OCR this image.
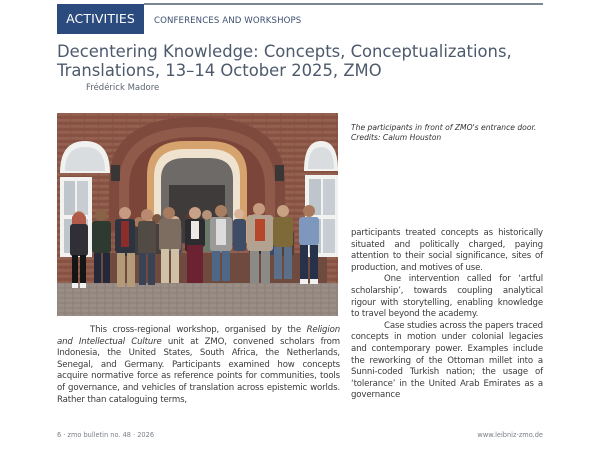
ACTIVITIES	CONFERENCES AND WORKSHOPS
Decentering Knowledge: Concepts, Conceptualizations, Translations, 13–14 October 2025, ZMO
Frédérick Madore
The participants in front of ZMO's entrance door.
Credits: Calum Houston

This cross-regional workshop, organised by the Religion and Intellectual Culture unit at ZMO, convened scholars from Indonesia, the United States, South Africa, the Netherlands, Senegal, and Germany. Participants examined how concepts acquire normative force as reference points for communities, tools of governance, and vehicles of translation across epistemic worlds. Rather than cataloguing terms,

participants treated concepts as historically situated and politically charged, paying attention to their social significance, sites of production, and motives of use.

One intervention called for ‘artful scholarship’, towards coupling analytical rigour with storytelling, enabling knowledge to travel beyond the academy.

Case studies across the papers traced concepts in motion under colonial legacies and contemporary power. Examples include the reworking of the Ottoman millet into a Sunni-coded Turkish nation; the usage of ‘tolerance’ in the United Arab Emirates as a governance

6 · zmo bulletin no. 48 · 2026	www.leibniz-zmo.de
